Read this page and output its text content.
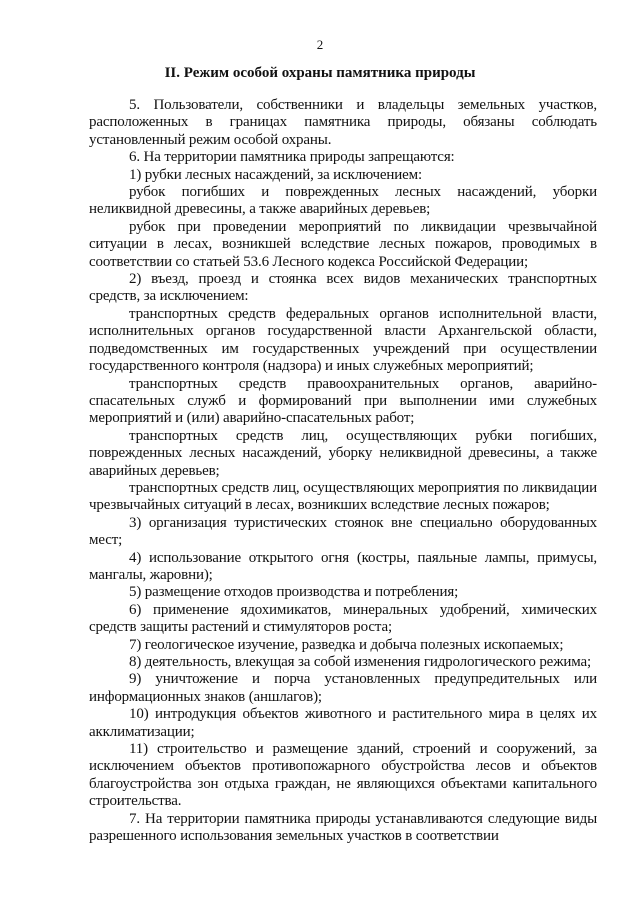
2
II. Режим особой охраны памятника природы

5. Пользователи, собственники и владельцы земельных участков, расположенных в границах памятника природы, обязаны соблюдать установленный режим особой охраны.

6. На территории памятника природы запрещаются:

1) рубки лесных насаждений, за исключением:

рубок погибших и поврежденных лесных насаждений, уборки неликвидной древесины, а также аварийных деревьев;

рубок при проведении мероприятий по ликвидации чрезвычайной ситуации в лесах, возникшей вследствие лесных пожаров, проводимых в соответствии со статьей 53.6 Лесного кодекса Российской Федерации;

2) въезд, проезд и стоянка всех видов механических транспортных средств, за исключением:

транспортных средств федеральных органов исполнительной власти, исполнительных органов государственной власти Архангельской области, подведомственных им государственных учреждений при осуществлении государственного контроля (надзора) и иных служебных мероприятий;

транспортных средств правоохранительных органов, аварийно-спасательных служб и формирований при выполнении ими служебных мероприятий и (или) аварийно-спасательных работ;

транспортных средств лиц, осуществляющих рубки погибших, поврежденных лесных насаждений, уборку неликвидной древесины, а также аварийных деревьев;

транспортных средств лиц, осуществляющих мероприятия по ликвидации чрезвычайных ситуаций в лесах, возникших вследствие лесных пожаров;

3) организация туристических стоянок вне специально оборудованных мест;

4) использование открытого огня (костры, паяльные лампы, примусы, мангалы, жаровни);

5) размещение отходов производства и потребления;

6) применение ядохимикатов, минеральных удобрений, химических средств защиты растений и стимуляторов роста;

7) геологическое изучение, разведка и добыча полезных ископаемых;

8) деятельность, влекущая за собой изменения гидрологического режима;

9) уничтожение и порча установленных предупредительных или информационных знаков (аншлагов);

10) интродукция объектов животного и растительного мира в целях их акклиматизации;

11) строительство и размещение зданий, строений и сооружений, за исключением объектов противопожарного обустройства лесов и объектов благоустройства зон отдыха граждан, не являющихся объектами капитального строительства.

7. На территории памятника природы устанавливаются следующие виды разрешенного использования земельных участков в соответствии
